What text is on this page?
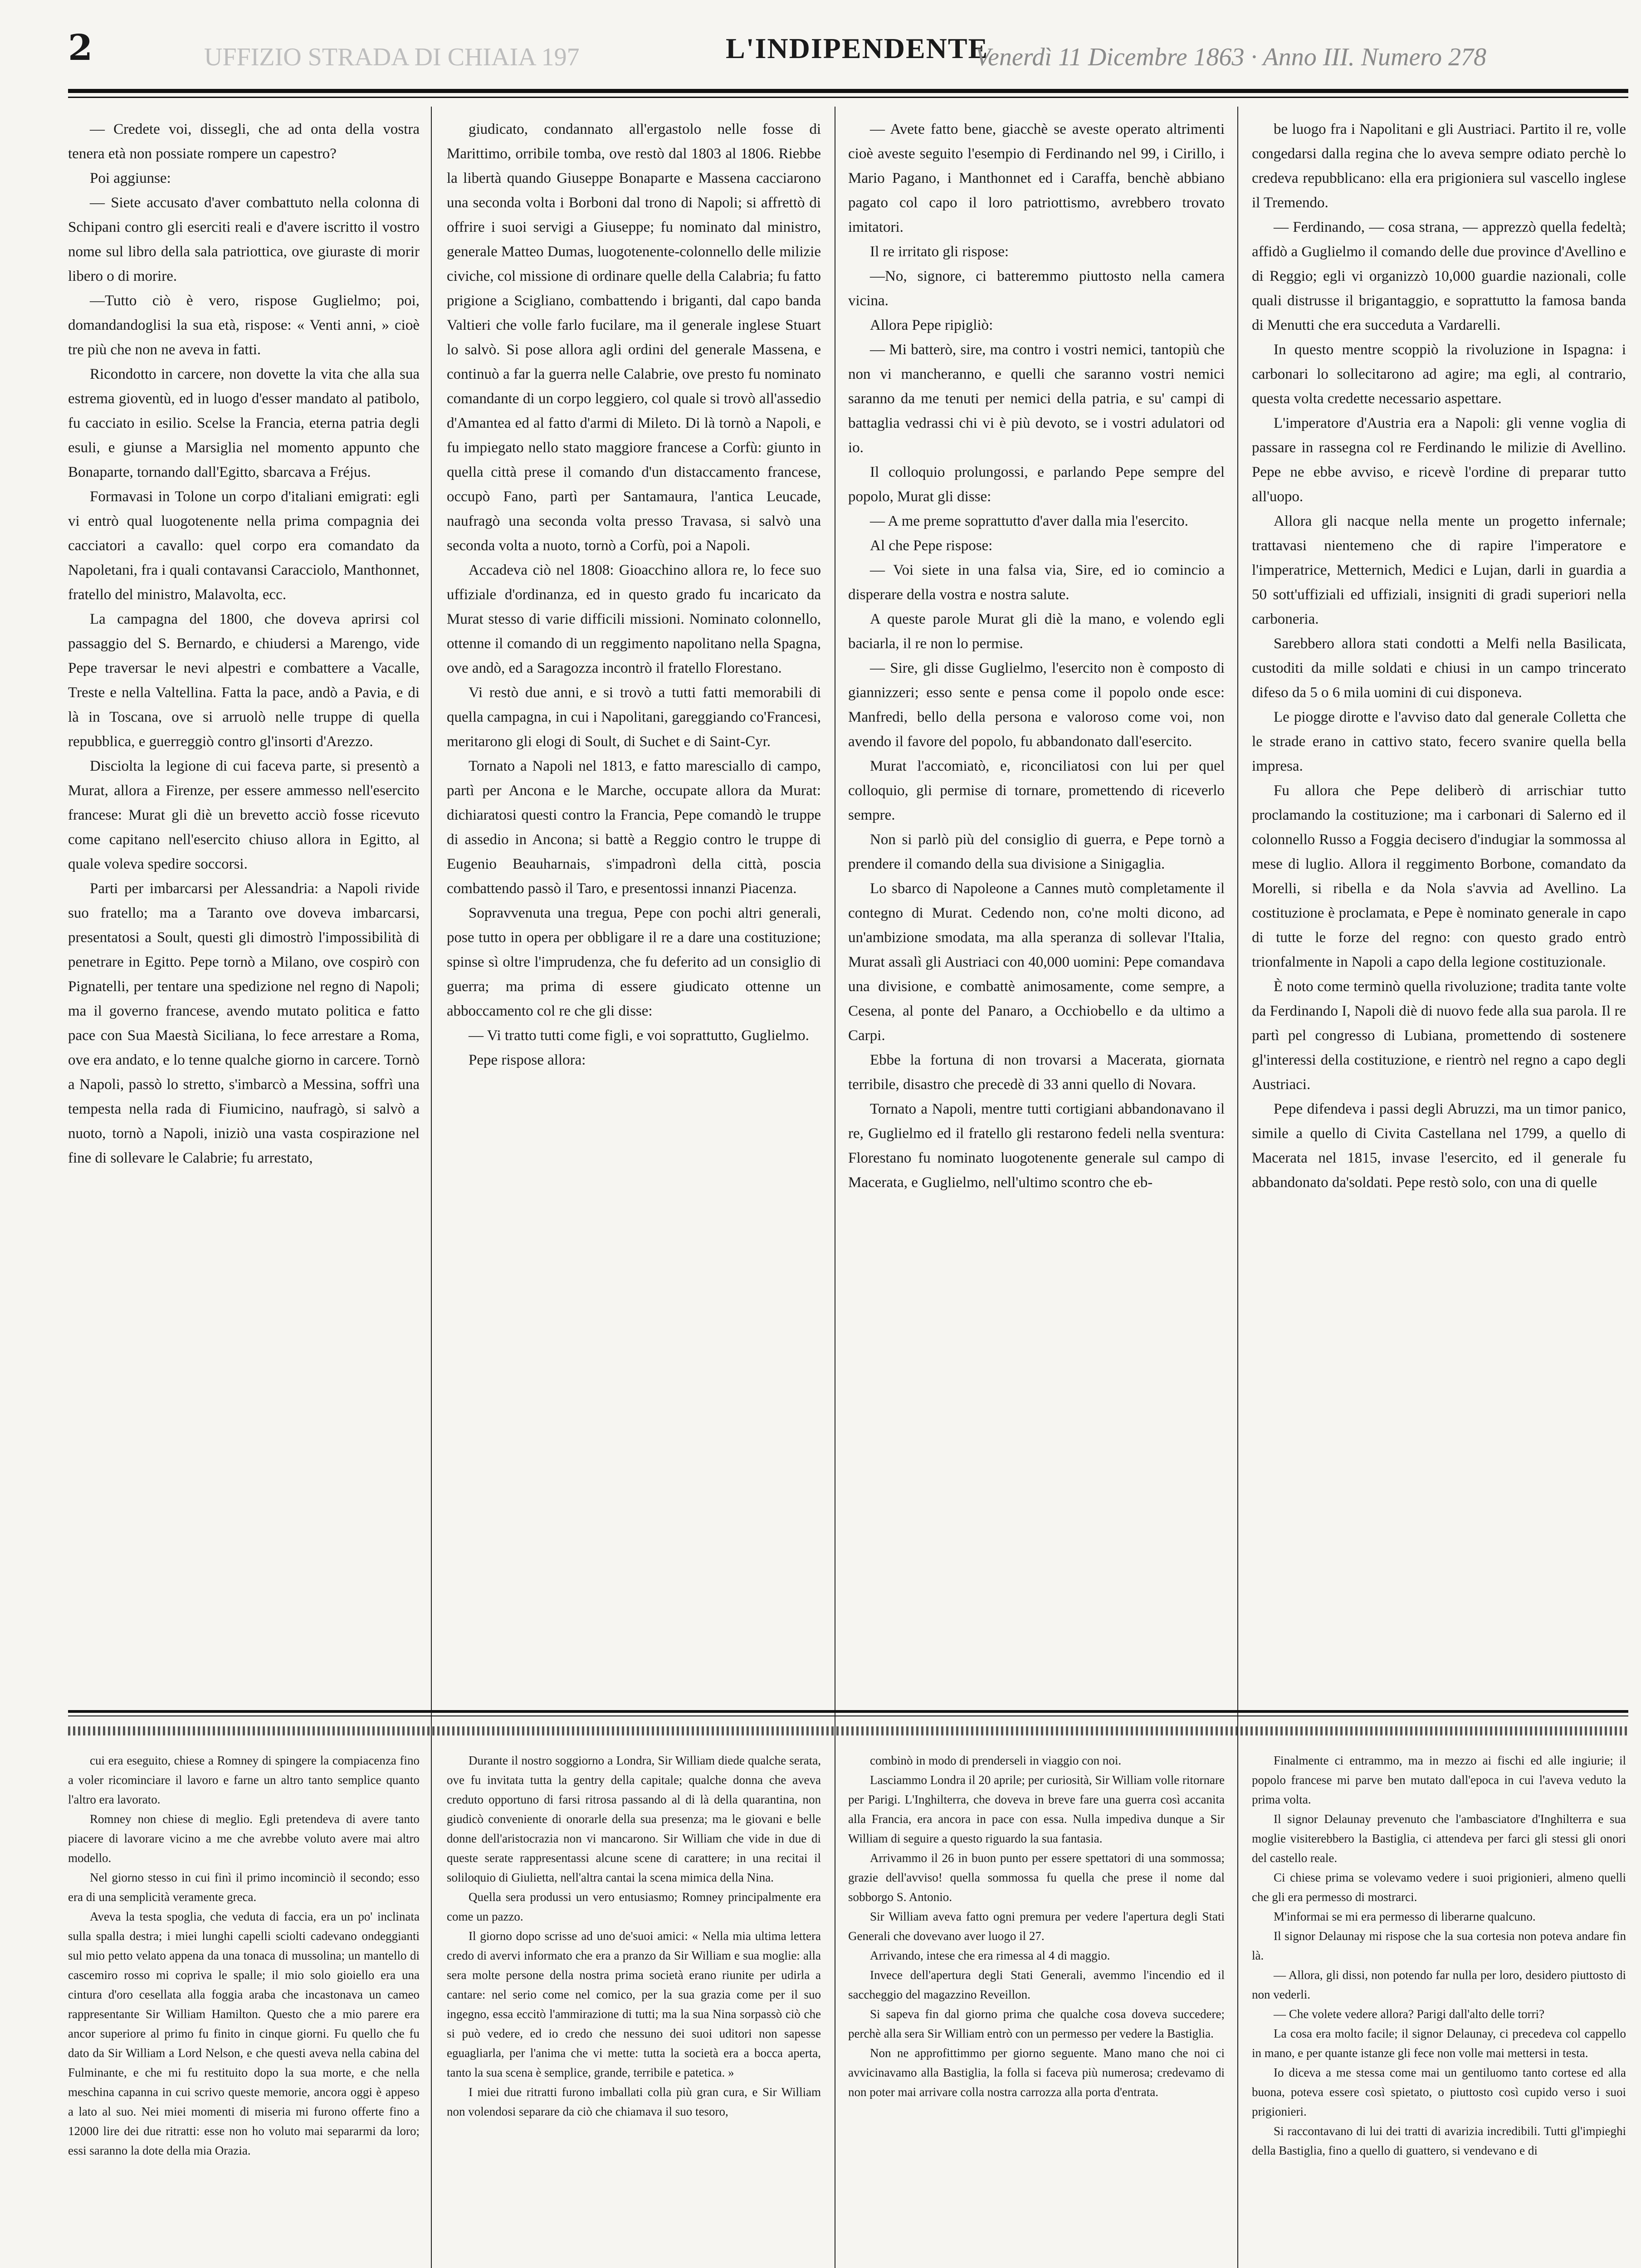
UFFIZIO STRADA DI CHIAIA 197
2	L'INDIPENDENTE
Venerdì 11 Dicembre 1863 · Anno III. Numero 278

— Credete voi, dissegli, che ad onta della vostra tenera età non possiate rompere un capestro?

Poi aggiunse:

— Siete accusato d'aver combattuto nella colonna di Schipani contro gli eserciti reali e d'avere iscritto il vostro nome sul libro della sala patriottica, ove giuraste di morir libero o di morire.

—Tutto ciò è vero, rispose Guglielmo; poi, domandandoglisi la sua età, rispose: « Venti anni, » cioè tre più che non ne aveva in fatti.

Ricondotto in carcere, non dovette la vita che alla sua estrema gioventù, ed in luogo d'esser mandato al patibolo, fu cacciato in esilio. Scelse la Francia, eterna patria degli esuli, e giunse a Marsiglia nel momento appunto che Bonaparte, tornando dall'Egitto, sbarcava a Fréjus.

Formavasi in Tolone un corpo d'italiani emigrati: egli vi entrò qual luogotenente nella prima compagnia dei cacciatori a cavallo: quel corpo era comandato da Napoletani, fra i quali contavansi Caracciolo, Manthonnet, fratello del ministro, Malavolta, ecc.

La campagna del 1800, che doveva aprirsi col passaggio del S. Bernardo, e chiudersi a Marengo, vide Pepe traversar le nevi alpestri e combattere a Vacalle, Treste e nella Valtellina. Fatta la pace, andò a Pavia, e di là in Toscana, ove si arruolò nelle truppe di quella repubblica, e guerreggiò contro gl'insorti d'Arezzo.

Disciolta la legione di cui faceva parte, si presentò a Murat, allora a Firenze, per essere ammesso nell'esercito francese: Murat gli diè un brevetto acciò fosse ricevuto come capitano nell'esercito chiuso allora in Egitto, al quale voleva spedire soccorsi.

Parti per imbarcarsi per Alessandria: a Napoli rivide suo fratello; ma a Taranto ove doveva imbarcarsi, presentatosi a Soult, questi gli dimostrò l'impossibilità di penetrare in Egitto. Pepe tornò a Milano, ove cospirò con Pignatelli, per tentare una spedizione nel regno di Napoli; ma il governo francese, avendo mutato politica e fatto pace con Sua Maestà Siciliana, lo fece arrestare a Roma, ove era andato, e lo tenne qualche giorno in carcere. Tornò a Napoli, passò lo stretto, s'imbarcò a Messina, soffrì una tempesta nella rada di Fiumicino, naufragò, si salvò a nuoto, tornò a Napoli, iniziò una vasta cospirazione nel fine di sollevare le Calabrie; fu arrestato,

giudicato, condannato all'ergastolo nelle fosse di Marittimo, orribile tomba, ove restò dal 1803 al 1806. Riebbe la libertà quando Giuseppe Bonaparte e Massena cacciarono una seconda volta i Borboni dal trono di Napoli; si affrettò di offrire i suoi servigi a Giuseppe; fu nominato dal ministro, generale Matteo Dumas, luogotenente-colonnello delle milizie civiche, col missione di ordinare quelle della Calabria; fu fatto prigione a Scigliano, combattendo i briganti, dal capo banda Valtieri che volle farlo fucilare, ma il generale inglese Stuart lo salvò. Si pose allora agli ordini del generale Massena, e continuò a far la guerra nelle Calabrie, ove presto fu nominato comandante di un corpo leggiero, col quale si trovò all'assedio d'Amantea ed al fatto d'armi di Mileto. Di là tornò a Napoli, e fu impiegato nello stato maggiore francese a Corfù: giunto in quella città prese il comando d'un distaccamento francese, occupò Fano, partì per Santamaura, l'antica Leucade, naufragò una seconda volta presso Travasa, si salvò una seconda volta a nuoto, tornò a Corfù, poi a Napoli.

Accadeva ciò nel 1808: Gioacchino allora re, lo fece suo uffiziale d'ordinanza, ed in questo grado fu incaricato da Murat stesso di varie difficili missioni. Nominato colonnello, ottenne il comando di un reggimento napolitano nella Spagna, ove andò, ed a Saragozza incontrò il fratello Florestano.

Vi restò due anni, e si trovò a tutti fatti memorabili di quella campagna, in cui i Napolitani, gareggiando co'Francesi, meritarono gli elogi di Soult, di Suchet e di Saint-Cyr.

Tornato a Napoli nel 1813, e fatto maresciallo di campo, partì per Ancona e le Marche, occupate allora da Murat: dichiaratosi questi contro la Francia, Pepe comandò le truppe di assedio in Ancona; si battè a Reggio contro le truppe di Eugenio Beauharnais, s'impadronì della città, poscia combattendo passò il Taro, e presentossi innanzi Piacenza.

Sopravvenuta una tregua, Pepe con pochi altri generali, pose tutto in opera per obbligare il re a dare una costituzione; spinse sì oltre l'imprudenza, che fu deferito ad un consiglio di guerra; ma prima di essere giudicato ottenne un abboccamento col re che gli disse:

— Vi tratto tutti come figli, e voi soprattutto, Guglielmo.

Pepe rispose allora:

— Avete fatto bene, giacchè se aveste operato altrimenti cioè aveste seguito l'esempio di Ferdinando nel 99, i Cirillo, i Mario Pagano, i Manthonnet ed i Caraffa, benchè abbiano pagato col capo il loro patriottismo, avrebbero trovato imitatori.

Il re irritato gli rispose:

—No, signore, ci batteremmo piuttosto nella camera vicina.

Allora Pepe ripigliò:

— Mi batterò, sire, ma contro i vostri nemici, tantopiù che non vi mancheranno, e quelli che saranno vostri nemici saranno da me tenuti per nemici della patria, e su' campi di battaglia vedrassi chi vi è più devoto, se i vostri adulatori od io.

Il colloquio prolungossi, e parlando Pepe sempre del popolo, Murat gli disse:

— A me preme soprattutto d'aver dalla mia l'esercito.

Al che Pepe rispose:

— Voi siete in una falsa via, Sire, ed io comincio a disperare della vostra e nostra salute.

A queste parole Murat gli diè la mano, e volendo egli baciarla, il re non lo permise.

— Sire, gli disse Guglielmo, l'esercito non è composto di giannizzeri; esso sente e pensa come il popolo onde esce: Manfredi, bello della persona e valoroso come voi, non avendo il favore del popolo, fu abbandonato dall'esercito.

Murat l'accomiatò, e, riconciliatosi con lui per quel colloquio, gli permise di tornare, promettendo di riceverlo sempre.

Non si parlò più del consiglio di guerra, e Pepe tornò a prendere il comando della sua divisione a Sinigaglia.

Lo sbarco di Napoleone a Cannes mutò completamente il contegno di Murat. Cedendo non, co'ne molti dicono, ad un'ambizione smodata, ma alla speranza di sollevar l'Italia, Murat assalì gli Austriaci con 40,000 uomini: Pepe comandava una divisione, e combattè animosamente, come sempre, a Cesena, al ponte del Panaro, a Occhiobello e da ultimo a Carpi.

Ebbe la fortuna di non trovarsi a Macerata, giornata terribile, disastro che precedè di 33 anni quello di Novara.

Tornato a Napoli, mentre tutti cortigiani abbandonavano il re, Guglielmo ed il fratello gli restarono fedeli nella sventura: Florestano fu nominato luogotenente generale sul campo di Macerata, e Guglielmo, nell'ultimo scontro che eb-

be luogo fra i Napolitani e gli Austriaci. Partito il re, volle congedarsi dalla regina che lo aveva sempre odiato perchè lo credeva repubblicano: ella era prigioniera sul vascello inglese il Tremendo.

— Ferdinando, — cosa strana, — apprezzò quella fedeltà; affidò a Guglielmo il comando delle due province d'Avellino e di Reggio; egli vi organizzò 10,000 guardie nazionali, colle quali distrusse il brigantaggio, e soprattutto la famosa banda di Menutti che era succeduta a Vardarelli.

In questo mentre scoppiò la rivoluzione in Ispagna: i carbonari lo sollecitarono ad agire; ma egli, al contrario, questa volta credette necessario aspettare.

L'imperatore d'Austria era a Napoli: gli venne voglia di passare in rassegna col re Ferdinando le milizie di Avellino. Pepe ne ebbe avviso, e ricevè l'ordine di preparar tutto all'uopo.

Allora gli nacque nella mente un progetto infernale; trattavasi nientemeno che di rapire l'imperatore e l'imperatrice, Metternich, Medici e Lujan, darli in guardia a 50 sott'uffiziali ed uffiziali, insigniti di gradi superiori nella carboneria.

Sarebbero allora stati condotti a Melfi nella Basilicata, custoditi da mille soldati e chiusi in un campo trincerato difeso da 5 o 6 mila uomini di cui disponeva.

Le piogge dirotte e l'avviso dato dal generale Colletta che le strade erano in cattivo stato, fecero svanire quella bella impresa.

Fu allora che Pepe deliberò di arrischiar tutto proclamando la costituzione; ma i carbonari di Salerno ed il colonnello Russo a Foggia decisero d'indugiar la sommossa al mese di luglio. Allora il reggimento Borbone, comandato da Morelli, si ribella e da Nola s'avvia ad Avellino. La costituzione è proclamata, e Pepe è nominato generale in capo di tutte le forze del regno: con questo grado entrò trionfalmente in Napoli a capo della legione costituzionale.

È noto come terminò quella rivoluzione; tradita tante volte da Ferdinando I, Napoli diè di nuovo fede alla sua parola. Il re partì pel congresso di Lubiana, promettendo di sostenere gl'interessi della costituzione, e rientrò nel regno a capo degli Austriaci.

Pepe difendeva i passi degli Abruzzi, ma un timor panico, simile a quello di Civita Castellana nel 1799, a quello di Macerata nel 1815, invase l'esercito, ed il generale fu abbandonato da'soldati. Pepe restò solo, con una di quelle

cui era eseguito, chiese a Romney di spingere la compiacenza fino a voler ricominciare il lavoro e farne un altro tanto semplice quanto l'altro era lavorato.

Romney non chiese di meglio. Egli pretendeva di avere tanto piacere di lavorare vicino a me che avrebbe voluto avere mai altro modello.

Nel giorno stesso in cui finì il primo incominciò il secondo; esso era di una semplicità veramente greca.

Aveva la testa spoglia, che veduta di faccia, era un po' inclinata sulla spalla destra; i miei lunghi capelli sciolti cadevano ondeggianti sul mio petto velato appena da una tonaca di mussolina; un mantello di cascemiro rosso mi copriva le spalle; il mio solo gioiello era una cintura d'oro cesellata alla foggia araba che incastonava un cameo rappresentante Sir William Hamilton. Questo che a mio parere era ancor superiore al primo fu finito in cinque giorni. Fu quello che fu dato da Sir William a Lord Nelson, e che questi aveva nella cabina del Fulminante, e che mi fu restituito dopo la sua morte, e che nella meschina capanna in cui scrivo queste memorie, ancora oggi è appeso a lato al suo. Nei miei momenti di miseria mi furono offerte fino a 12000 lire dei due ritratti: esse non ho voluto mai separarmi da loro; essi saranno la dote della mia Orazia.

Durante il nostro soggiorno a Londra, Sir William diede qualche serata, ove fu invitata tutta la gentry della capitale; qualche donna che aveva creduto opportuno di farsi ritrosa passando al di là della quarantina, non giudicò conveniente di onorarle della sua presenza; ma le giovani e belle donne dell'aristocrazia non vi mancarono. Sir William che vide in due di queste serate rappresentassi alcune scene di carattere; in una recitai il soliloquio di Giulietta, nell'altra cantai la scena mimica della Nina.

Quella sera produssi un vero entusiasmo; Romney principalmente era come un pazzo.

Il giorno dopo scrisse ad uno de'suoi amici: « Nella mia ultima lettera credo di avervi informato che era a pranzo da Sir William e sua moglie: alla sera molte persone della nostra prima società erano riunite per udirla a cantare: nel serio come nel comico, per la sua grazia come per il suo ingegno, essa eccitò l'ammirazione di tutti; ma la sua Nina sorpassò ciò che si può vedere, ed io credo che nessuno dei suoi uditori non sapesse eguagliarla, per l'anima che vi mette: tutta la società era a bocca aperta, tanto la sua scena è semplice, grande, terribile e patetica. »

I miei due ritratti furono imballati colla più gran cura, e Sir William non volendosi separare da ciò che chiamava il suo tesoro,

combinò in modo di prenderseli in viaggio con noi.

Lasciammo Londra il 20 aprile; per curiosità, Sir William volle ritornare per Parigi. L'Inghilterra, che doveva in breve fare una guerra così accanita alla Francia, era ancora in pace con essa. Nulla impediva dunque a Sir William di seguire a questo riguardo la sua fantasia.

Arrivammo il 26 in buon punto per essere spettatori di una sommossa; grazie dell'avviso! quella sommossa fu quella che prese il nome dal sobborgo S. Antonio.

Sir William aveva fatto ogni premura per vedere l'apertura degli Stati Generali che dovevano aver luogo il 27.

Arrivando, intese che era rimessa al 4 di maggio.

Invece dell'apertura degli Stati Generali, avemmo l'incendio ed il saccheggio del magazzino Reveillon.

Si sapeva fin dal giorno prima che qualche cosa doveva succedere; perchè alla sera Sir William entrò con un permesso per vedere la Bastiglia.

Non ne approfittimmo per giorno seguente. Mano mano che noi ci avvicinavamo alla Bastiglia, la folla si faceva più numerosa; credevamo di non poter mai arrivare colla nostra carrozza alla porta d'entrata.

Finalmente ci entrammo, ma in mezzo ai fischi ed alle ingiurie; il popolo francese mi parve ben mutato dall'epoca in cui l'aveva veduto la prima volta.

Il signor Delaunay prevenuto che l'ambasciatore d'Inghilterra e sua moglie visiterebbero la Bastiglia, ci attendeva per farci gli stessi gli onori del castello reale.

Ci chiese prima se volevamo vedere i suoi prigionieri, almeno quelli che gli era permesso di mostrarci.

M'informai se mi era permesso di liberarne qualcuno.

Il signor Delaunay mi rispose che la sua cortesia non poteva andare fin là.

— Allora, gli dissi, non potendo far nulla per loro, desidero piuttosto di non vederli.

— Che volete vedere allora? Parigi dall'alto delle torri?

La cosa era molto facile; il signor Delaunay, ci precedeva col cappello in mano, e per quante istanze gli fece non volle mai mettersi in testa.

Io diceva a me stessa come mai un gentiluomo tanto cortese ed alla buona, poteva essere così spietato, o piuttosto così cupido verso i suoi prigionieri.

Si raccontavano di lui dei tratti di avarizia incredibili. Tutti gl'impieghi della Bastiglia, fino a quello di guattero, si vendevano e di
